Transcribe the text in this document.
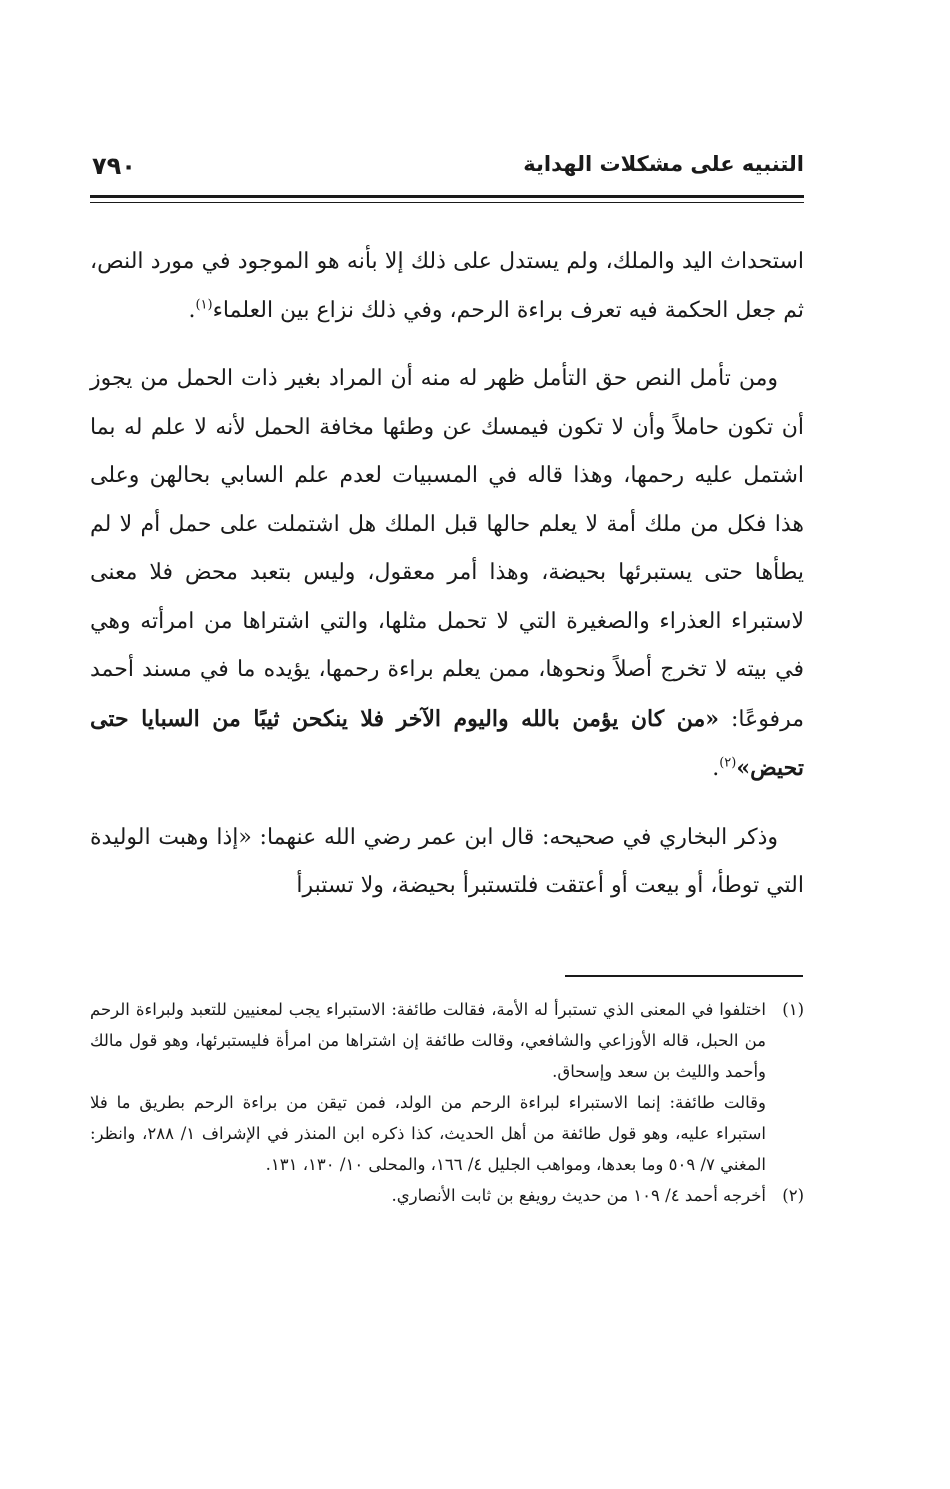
٧٩٠	التنبيه على مشكلات الهداية

استحداث اليد والملك، ولم يستدل على ذلك إلا بأنه هو الموجود في مورد النص، ثم جعل الحكمة فيه تعرف براءة الرحم، وفي ذلك نزاع بين العلماء$^{(١)}$.

ومن تأمل النص حق التأمل ظهر له منه أن المراد بغير ذات الحمل من يجوز أن تكون حاملاً وأن لا تكون فيمسك عن وطئها مخافة الحمل لأنه لا علم له بما اشتمل عليه رحمها، وهذا قاله في المسبيات لعدم علم السابي بحالهن وعلى هذا فكل من ملك أمة لا يعلم حالها قبل الملك هل اشتملت على حمل أم لا لم يطأها حتى يستبرئها بحيضة، وهذا أمر معقول، وليس بتعبد محض فلا معنى لاستبراء العذراء والصغيرة التي لا تحمل مثلها، والتي اشتراها من امرأته وهي في بيته لا تخرج أصلاً ونحوها، ممن يعلم براءة رحمها، يؤيده ما في مسند أحمد مرفوعًا: «من كان يؤمن بالله واليوم الآخر فلا ينكحن ثيبًا من السبايا حتى تحيض»$^{(٢)}$.

وذكر البخاري في صحيحه: قال ابن عمر رضي الله عنهما: «إذا وهبت الوليدة التي توطأ، أو بيعت أو أعتقت فلتستبرأ بحيضة، ولا تستبرأ

(١)
اختلفوا في المعنى الذي تستبرأ له الأمة، فقالت طائفة: الاستبراء يجب لمعنيين للتعبد ولبراءة الرحم من الحبل، قاله الأوزاعي والشافعي، وقالت طائفة إن اشتراها من امرأة فليستبرئها، وهو قول مالك وأحمد والليث بن سعد وإسحاق.
وقالت طائفة: إنما الاستبراء لبراءة الرحم من الولد، فمن تيقن من براءة الرحم بطريق ما فلا استبراء عليه، وهو قول طائفة من أهل الحديث، كذا ذكره ابن المنذر في الإشراف ١/ ٢٨٨، وانظر: المغني ٧/ ٥٠٩ وما بعدها، ومواهب الجليل ٤/ ١٦٦، والمحلى ١٠/ ١٣٠، ١٣١.
(٢)
أخرجه أحمد ٤/ ١٠٩ من حديث رويفع بن ثابت الأنصاري.
